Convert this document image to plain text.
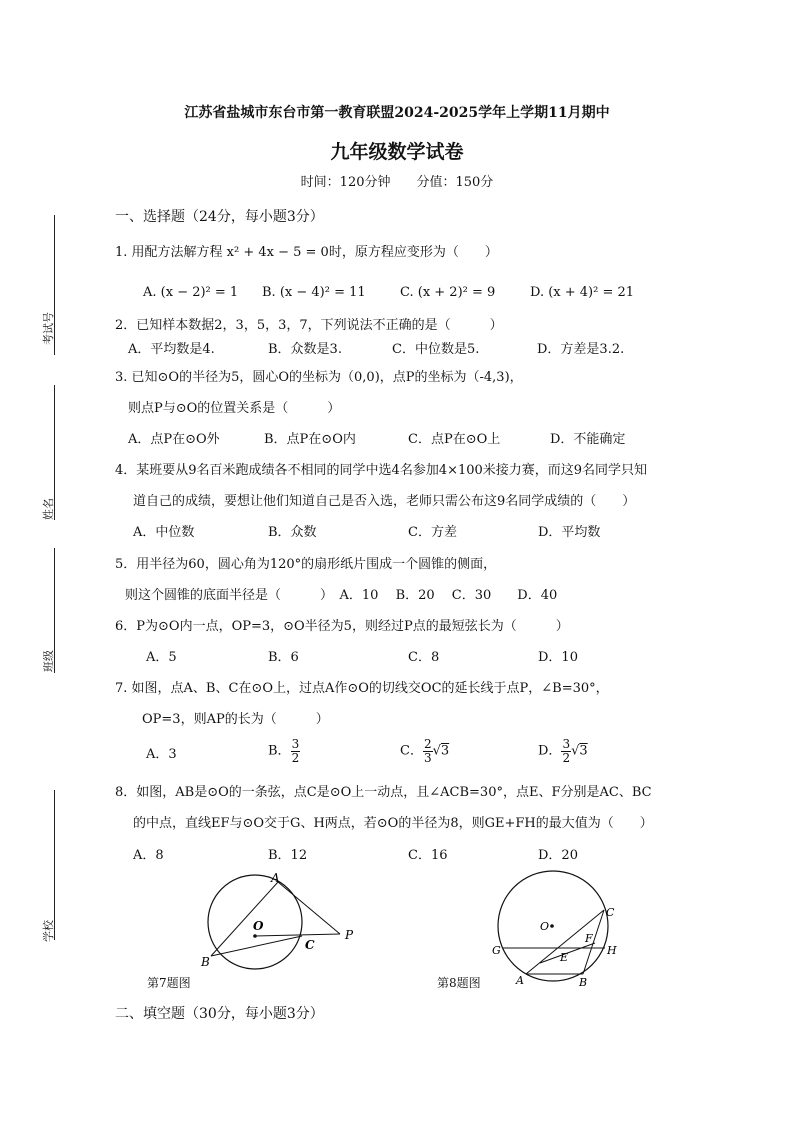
考试号
姓名
班级
学校
江苏省盐城市东台市第一教育联盟2024-2025学年上学期11月期中
九年级数学试卷
时间：120分钟　　分值：150分
一、选择题（24分，每小题3分）
1. 用配方法解方程 x² + 4x − 5 = 0时，原方程应变形为（　　）
A. (x − 2)² = 1 B. (x − 4)² = 11	C. (x + 2)² = 9	D. (x + 4)² = 21
2．已知样本数据2，3，5，3，7，下列说法不正确的是（　　　）
A．平均数是4.	B．众数是3.	C．中位数是5.	D．方差是3.2.
3. 已知⊙O的半径为5，圆心O的坐标为（0,0)，点P的坐标为（-4,3)，
则点P与⊙O的位置关系是（　　　）
A．点P在⊙O外	B．点P在⊙O内	C．点P在⊙O上	D．不能确定
4．某班要从9名百米跑成绩各不相同的同学中选4名参加4×100米接力赛，而这9名同学只知
道自己的成绩，要想让他们知道自己是否入选，老师只需公布这9名同学成绩的（　　）
A．中位数	B．众数	C．方差	D．平均数
5．用半径为60，圆心角为120°的扇形纸片围成一个圆锥的侧面，
则这个圆锥的底面半径是（　　　）　A．10　 B．20　 C．30　　D．40
6．P为⊙O内一点，OP=3，⊙O半径为5，则经过P点的最短弦长为（　　　）
A．5	B．6	C．8	D．10
7. 如图，点A、B、C在⊙O上，过点A作⊙O的切线交OC的延长线于点P，∠B=30°，
OP=3，则AP的长为（　　　）
A．3	B． $\frac{3}{2}$	C． $\frac{2}{3} √3$	D． $\frac{3}{2} √3$
8．如图，AB是⊙O的一条弦，点C是⊙O上一动点，且∠ACB=30°，点E、F分别是AC、BC
的中点，直线EF与⊙O交于G、H两点，若⊙O的半径为8，则GE+FH的最大值为（　　）
A．8	B．12	C．16	D．20
A
O
C
P
B
第7题图
O
C
G
F
H
E
A	B
第8题图
二、填空题（30分，每小题3分）
